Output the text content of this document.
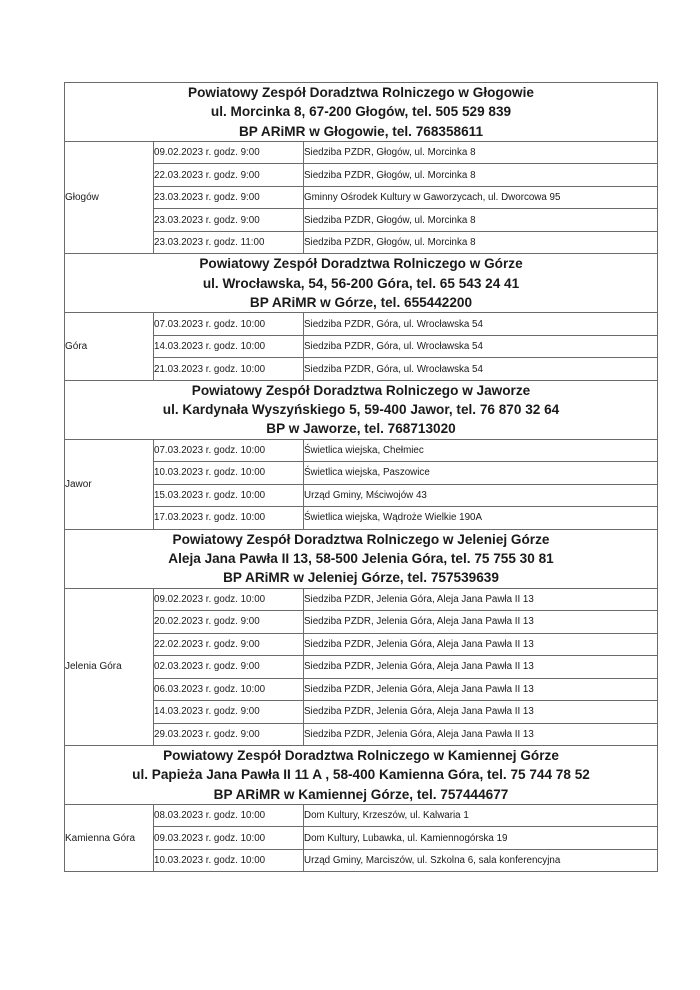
Powiatowy Zespół Doradztwa Rolniczego w Głogowie
ul. Morcinka 8, 67-200 Głogów, tel. 505 529 839
BP ARiMR w Głogowie, tel. 768358611		

Głogów	09.02.2023 r. godz. 9:00	Siedziba PZDR, Głogów, ul. Morcinka 8
	22.03.2023 r. godz. 9:00	Siedziba PZDR, Głogów, ul. Morcinka 8
	23.03.2023 r. godz. 9:00	Gminny Ośrodek Kultury w Gaworzycach, ul. Dworcowa 95
	23.03.2023 r. godz. 9:00	Siedziba PZDR, Głogów, ul. Morcinka 8
	23.03.2023 r. godz. 11:00	Siedziba PZDR, Głogów, ul. Morcinka 8

Powiatowy Zespół Doradztwa Rolniczego w Górze
ul. Wrocławska, 54, 56-200 Góra, tel. 65 543 24 41
BP ARiMR w Górze, tel. 655442200		

Góra	07.03.2023 r. godz. 10:00	Siedziba PZDR, Góra, ul. Wrocławska 54
	14.03.2023 r. godz. 10:00	Siedziba PZDR, Góra, ul. Wrocławska 54
	21.03.2023 r. godz. 10:00	Siedziba PZDR, Góra, ul. Wrocławska 54

Powiatowy Zespół Doradztwa Rolniczego w Jaworze
ul. Kardynała Wyszyńskiego 5, 59-400 Jawor, tel. 76 870 32 64
BP w Jaworze, tel. 768713020		

Jawor	07.03.2023 r. godz. 10:00	Świetlica wiejska, Chełmiec
	10.03.2023 r. godz. 10:00	Świetlica wiejska, Paszowice
	15.03.2023 r. godz. 10:00	Urząd Gminy, Mściwojów 43
	17.03.2023 r. godz. 10:00	Świetlica wiejska, Wądroże Wielkie 190A

Powiatowy Zespół Doradztwa Rolniczego w Jeleniej Górze
Aleja Jana Pawła II 13, 58-500 Jelenia Góra, tel. 75 755 30 81
BP ARiMR w Jeleniej Górze, tel. 757539639		

Jelenia Góra	09.02.2023 r. godz. 10:00	Siedziba PZDR, Jelenia Góra, Aleja Jana Pawła II 13
	20.02.2023 r. godz. 9:00	Siedziba PZDR, Jelenia Góra, Aleja Jana Pawła II 13
	22.02.2023 r. godz. 9:00	Siedziba PZDR, Jelenia Góra, Aleja Jana Pawła II 13
	02.03.2023 r. godz. 9:00	Siedziba PZDR, Jelenia Góra, Aleja Jana Pawła II 13
	06.03.2023 r. godz. 10:00	Siedziba PZDR, Jelenia Góra, Aleja Jana Pawła II 13
	14.03.2023 r. godz. 9:00	Siedziba PZDR, Jelenia Góra, Aleja Jana Pawła II 13
	29.03.2023 r. godz. 9:00	Siedziba PZDR, Jelenia Góra, Aleja Jana Pawła II 13

Powiatowy Zespół Doradztwa Rolniczego w Kamiennej Górze
ul. Papieża Jana Pawła II 11 A , 58-400 Kamienna Góra, tel. 75 744 78 52
BP ARiMR w Kamiennej Górze, tel. 757444677		

Kamienna Góra	08.03.2023 r. godz. 10:00	Dom Kultury, Krzeszów, ul. Kalwaria 1
	09.03.2023 r. godz. 10:00	Dom Kultury, Lubawka, ul. Kamiennogórska 19
	10.03.2023 r. godz. 10:00	Urząd Gminy, Marciszów, ul. Szkolna 6, sala konferencyjna
